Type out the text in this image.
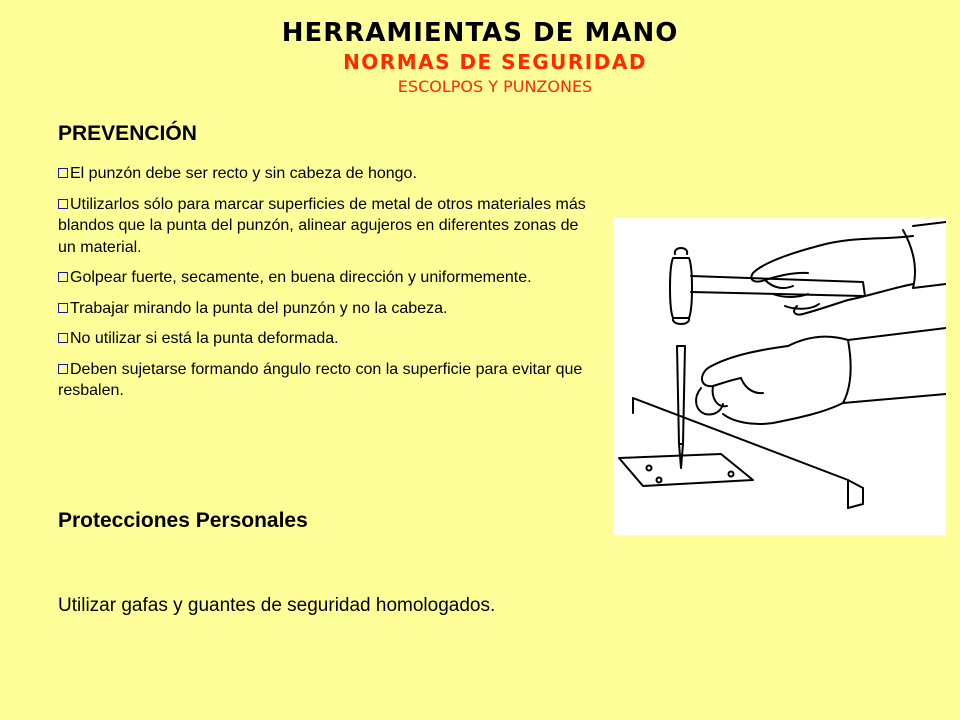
HERRAMIENTAS DE MANO
NORMAS DE SEGURIDAD
ESCOLPOS Y PUNZONES
PREVENCIÓN
El punzón debe ser recto y sin cabeza de hongo.
Utilizarlos sólo para marcar superficies de metal de otros materiales más blandos que la punta del punzón, alinear agujeros en diferentes zonas de un material.
Golpear fuerte, secamente, en buena dirección y uniformemente.
Trabajar mirando la punta del punzón y no la cabeza.
No utilizar si está la punta deformada.
Deben sujetarse formando ángulo recto con la superficie para evitar que resbalen.
Protecciones Personales
Utilizar gafas y guantes de seguridad homologados.
